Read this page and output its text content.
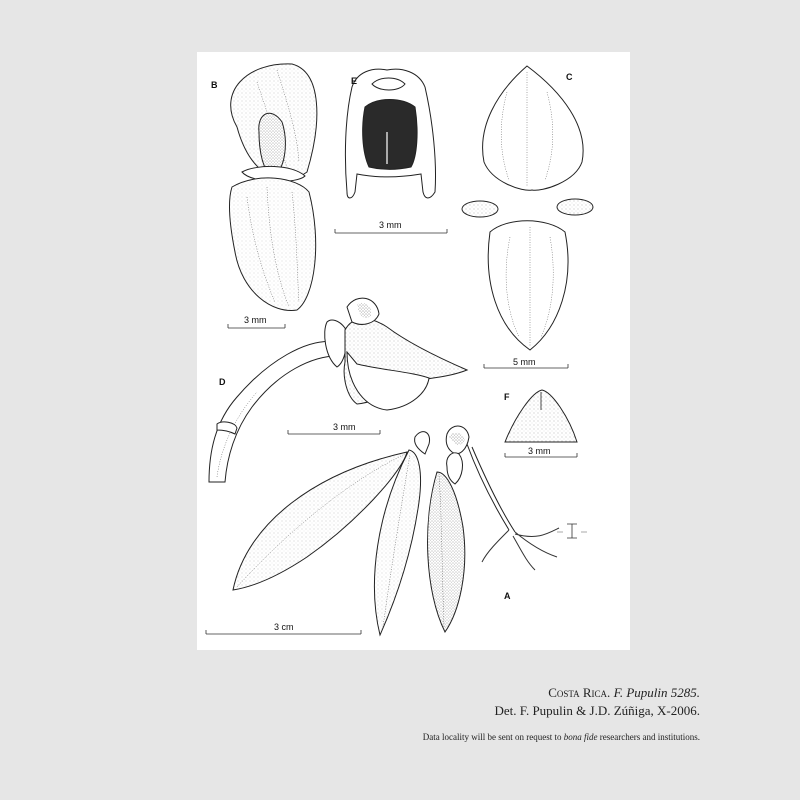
B
3 mm
E
3 mm
C
5 mm
D
3 mm
F
3 mm
A
3 cm
Costa Rica. F. Pupulin 5285.
Det. F. Pupulin & J.D. Zúñiga, X-2006.
Data locality will be sent on request to bona fide researchers and institutions.
